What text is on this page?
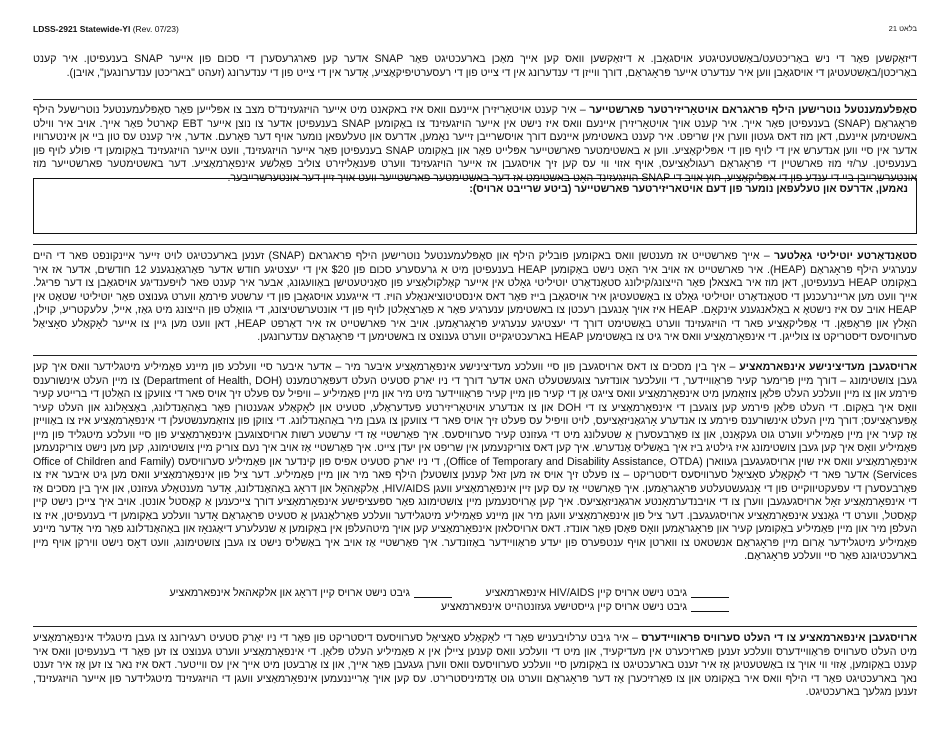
LDSS-2921 Statewide-YI (Rev. 07/23)	בלאט 21
דיזאַקשען פאַר די ניש באַריכטעט/באַשטעטיגטע אויסגאַבן. א דיזאַקשען וואס קען אייך מאַכן בארעכטיגט פאַר SNAP אדער קען פארגרעסערן די סכום פון אייער SNAP בענעפיטן. איר קענט באַריכטן/באַשטעטיגן די אויסגאַבן ווען איר ענדערט אייער פּראָגראַם, דורך ווייזן די ענדערונג אין די צייט פון די רעסערטיפיקאַציע, אָדער אין די צייט פון די ענדערונג (זעהט "באריכטן ענדערונגען", אויבן).
סאָפּלעמענטעל נוטרישען הילף פראגראם אויטאָריזירטער פארשטייער – איר קענט אויטאָריזירן איינעם וואס איז באקאנט מיט אייער הויזגעזינד'ס מצב צו אפּלייען פאַר סאָפּלעמענטעל נוטרישעל הילף פּראָגראַם (SNAP) בענעפיטן פאַר אייך. איר קענט אויך אויטאָריזירן איינעם וואס איז נישט אין אייער הויזגעזינד צו באַקומען SNAP בענעפיטן אדער צו נוצן אייער EBT קארטל פאַר אייך. אויב איר ווילט באשטימען איינעם, דאן מוז דאס געטון ווערן אין שריפט. איר קענט באשטימען איינעם דורך אויסשרייבן זייער נאָמען, אדרעס און טעלעפאן נומער אויף דער פאָרעם. אדער, איר קענט עס טון ביי אן אינטערוויו אדער אין סיי ווען אנדערש אין די לויף פון די אפּליקאַציע. ווען א באשטימטער פארשטייער אפּלייט פאַר און באַקומט SNAP בענעפיטן פאַר אייער הויזגעזינד, וועט אייער הויזגעזינד באַקומען די פולע לויף פון בענעפיטן. ער/זי מוז פארשטיין די פּראָגראַם רעגולאַציעס, אויף אזוי ווי עס קען זיך אויסגעבן אז אייער הויזגעזינד ווערט פּענאַליזירט צוליב פאַלשע אינפאָרמאַציע. דער באשטימטער פארשטייער מוז אונטערשרייבן ביי די ענדע פון די אפּליקאַציע, חוץ אויב די SNAP הויזגעזינד האָט באשטימט אז דער באשטימטער פארשטייער וועט אויך זיין דער אונטערשרייבער.
נאמען, אדרעס און טעלעפאן נומער פון דעם אויטאריזירטער פארשטייער (ביטע שרייבט ארויס):
סטאַנדאַרטע יוטיליטי גאָלטער – אייך פארשטייט אז מענטשן וואס באקומען פובליק הילף און סאָפּלעמענטעל נוטרישען הילף פראגראם (SNAP) זענען בארעכטיגט לויט זייער איינקונפט פאר די היים ענערגיע הילף פּראָגראַם (HEAP). איר פארשטייט אז אויב איר האָט נישט באַקומען HEAP בענעפיטן מיט א גרעסערע סכום פון $20 אין די יעצטיגע חודש אדער פאַרגאַנגענע 12 חודשים, אדער אז איר באַקומט HEAP בענעפיטן, דאן מוז איר באצאלן פאַר הייצונג/קילונג סטאַנדאַרט יוטיליטי גאָלט אין אייער קאַלקולאַציע פון סאַניטעטישן באַוועגונג, אבער איר קענט פאר לויפענדיגע אויסגאַבן צו דער פריגל. אייך וועט מען אריינרעכנען די סטאַנדאַרט יוטיליטי גאָלט צו באַשטעטיגן איר אויסגאַבן בייז פאַר דאס אינסטיטוציאנאַלע הויז. די אייגענע אויסגאַבן פון די ערשטע פירמאַ ווערט גענוצט פאַר יוטיליטי שטאַט אין HEAP אויב עס איז נישטאָ א באַלאנגענע אינקאָם. HEAP איז אויך אָנגעבן רעכטן צו באשטימען ענערגיע פאַר א פאַרצאָלטן לויף פון די אונטערשטיצונג, די גוואַלט פון הייצונג מיט גאַז, אייל, עלעקטריע, קוילן, האָלץ און פּראָפּאַן. די אַפּליקאַציע פאר די הויזגעזינד ווערט באַשטימט דורך די יעצטיגע ענערגיע פּראָגראַמען. אויב איר פארשטייט אז איר דאַרפט HEAP, דאן וועט מען גיין צו אייער לאָקאַלע סאָציאַל סערוויסעס דיסטריקט צו צולייגן. די אינפאָרמאַציע וואס איר גיט צו באַשטימען HEAP בארעכטיגקייט ווערט גענוצט צו באשטימען די פּראָגראַם ענדערונגען.
ארויסגעבן מעדיצינישע אינפארמאציע – איך בין מסכים צו דאס ארויסגעבן פון סיי וועלכע מעדיצינישע אינפאָרמאַציע איבער מיר – אדער איבער סיי וועלכע פון מיינע פאַמיליע מיטגלידער וואס איך קען געבן צושטימונג – דורך מיין פּרימער קעיר פּראַוויידער, די וועלכער אונדזער צוגעשטעלט האט אדער דורך די ניו יארק סטעיט העלט דעפּאַרטמענט (Department of Health, DOH) צו מיין העלט אינשורענס פירמע און צו מיין וועלכע העלט פּלאַן צוזאַמען מיט אינפאָרמאַציע וואס צייגט אַן די קעיר פון מיין קעיר פּראַוויידער מיט מיר און מיין פאַמיליע – וויפיל עס פעלט זיך אויס פאר די צוועקן צו האַלטן די ברייטע קעיר וואָס איך באַקום. די העלט פּלאַן פירמע קען צוגעבן די אינפאָרמאַציע צו די DOH און צו אנדערע אויטאָריזירטע פעדעראַלע, סטעיט און לאָקאַלע אגענטורן פאַר באַהאַנדלונג, באַצאָלונג און העלט קעיר אָפּעראַציעס; דורך מיין העלט אינשורענס פירמע צו אנדערע אָרגאַניזאַציעס, לויט וויפיל עס פעלט זיך אויס פאר די צוועקן צו געבן מיר באַהאַנדלונג. די צווקן פון צוזאַמענשטעלן די אינפאָרמאַציע איז צו באַווייזן אַז קעיר אין מיין פאַמיליע ווערט גוט געקאַנט, און צו פאַרבעסערן אַ שטעלונג מיט די געזונט קעיר סערוויסעס. איך פאַרשטיי אַז די ערשטע רשות ארויסצוגעבן אינפאָרמאַציע פון סיי וועלכע מיטגליד פון מיין פאַמיליע וואָס איך קען געבן צושטימונג איז גילטיג ביז איך באַשליס אַנדערש. איך קען דאס צוריקנעמען אין שריפט אין יעדן צייט. איך פאַרשטיי אַז אויב איך נעם צוריק מיין צושטימונג, קען מען נישט צוריקנעמען אינפאָרמאַציע וואס איז שוין ארויסגעגעבן געווארן (Office of Temporary and Disability Assistance, OTDA), די ניו יארק סטעיט אפיס פון קינדער און פאַמיליע סערוויסעס (Office of Children and Family Services) אדער פאר די לאָקאַלע סאָציאַל סערוויסעס דיסטריקט – צו פעלט זיך אויס אז מען זאל קענען צושטעלן הילף פאר מיר און מיין פאַמיליע. דער ציל פון אינפאָרמאַציע וואס מען גיט איבער איז צו פאַרבעסערן די עפעקטיווקייט פון די אָנגעשטעלטע פּראָגראַמען. איך פאַרשטיי אַז עס קען זיין אינפאָרמאַציע וועגן HIV/AIDS, אַלקאַהאָל און דראָג באַהאַנדלונג, אָדער מענטאַלע געזונט, און איך בין מסכים אַז די אינפאָרמאַציע זאָל ארויסגעגעבן ווערן צו די אויבנדערמאָנטע ארגאַניזאַציעס. איך קען אַרויסנעמען מיין צושטימונג פאַר ספּעציפישע אינפאָרמאַציע דורך צייכענען אַ קאַסטל אונטן. אויב איך צייכן נישט קיין קאַסטל, ווערט די גאַנצע אינפאָרמאַציע ארויסגעגעבן. דער ציל פון אינפאָרמאַציע וועגן מיר און מיינע פאַמיליע מיטגלידער וועלכע פאַרלאַנגען אַ סטעיט פּראָגראַם אָדער וועלכע באַקומען די בענעפיטן, איז צו העלפן מיר און מיין פאַמיליע באַקומען קעיר און פּראָגראַמען וואָס פּאַסן פאַר אונדז. דאס ארויסלאזן אינפאָרמאַציע קען אויך מיטהעלפן אין באַקומען אַ שנעלערע דיאַגנאָז און באַהאַנדלונג פאַר מיר אָדער מיינע פאַמיליע מיטגלידער אַרום מיין פּראָגראַם אנשטאט צו ווארטן אויף ענטפערס פון יעדע פּראַוויידער באַזונדער. איך פאַרשטיי אַז אויב איך באַשליס נישט צו געבן צושטימונג, וועט דאָס נישט ווירקן אויף מיין בארעכטיגונג פאַר סיי וועלכע פּראָגראַם.
גיבט נישט ארויס קיין HIV/AIDS אינפארמאציע
גיבט נישט ארויס קיין דראָג און אלקאהאל אינפארמאציע
גיבט נישט ארויס קיין גייסטישע געזונטהייט אינפארמאציע
ארויסגעבן אינפארמאציע צו די העלט סערוויס פראוויידערס – איר גיבט ערלויבעניש פאַר די לאָקאַלע סאָציאַל סערוויסעס דיסטריקט פון פאַר די ניו יאַרק סטעיט רעגירונג צו געבן מיטגליד אינפאָרמאַציע מיט העלט סערוויס פּראַוויידערס וועלכע זענען פארזיכערט אין מעדיקעיד, און מיט די וועלכע וואס קענען ציילן אין א פאַמיליע העלט פּלאַן. די אינפאָרמאַציע ווערט גענוצט צו זען פאַר די בענעפיטן וואס איר קענט באַקומען, אַזוי ווי אויך צו באַשטעטיגן אַז איר זענט בארעכטיגט צו באַקומען סיי וועלכע סערוויסעס וואס ווערן געגעבן פאַר אייך, און צו אַרבעטן מיט אייך אין עס ווייטער. דאס איז נאר צו זען אַז איר זענט נאך בארעכטיגט פאַר די הילף וואס איר באַקומט און צו פאַרזיכערן אַז דער פּראָגראַם ווערט גוט אַדמיניסטרירט. עס קען אויך אַרייננעמען אינפאָרמאַציע וועגן די הויזגעזינד מיטגלידער פון אייער הויזגעזינד, זענען מגלעך בארעכטיגט.
